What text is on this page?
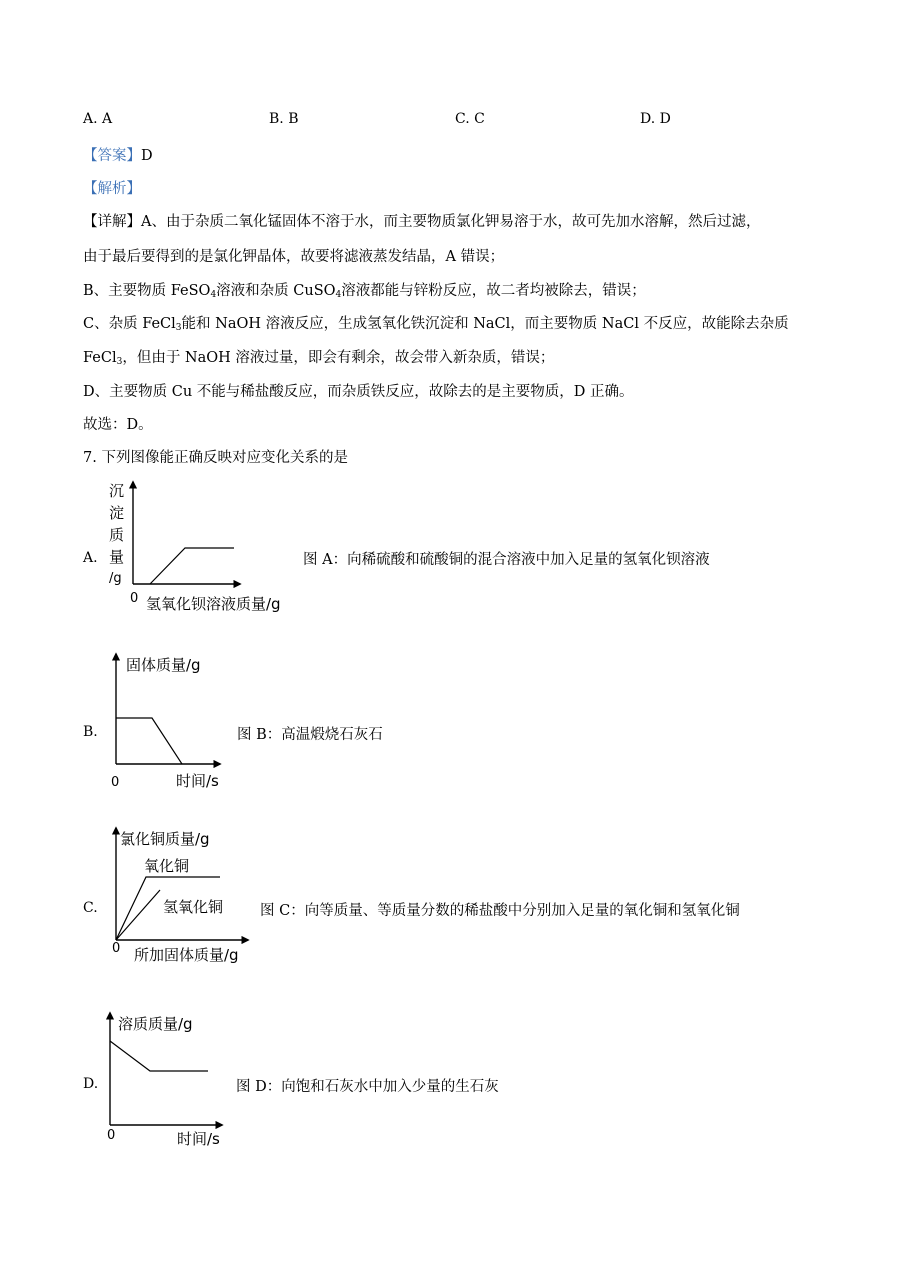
A. A	B. B	C. C	D. D
【答案】D
【解析】
【详解】A、由于杂质二氧化锰固体不溶于水，而主要物质氯化钾易溶于水，故可先加水溶解，然后过滤，
由于最后要得到的是氯化钾晶体，故要将滤液蒸发结晶，A 错误；
B、主要物质 FeSO$_4$溶液和杂质 CuSO$_4$溶液都能与锌粉反应，故二者均被除去，错误；
C、杂质 FeCl$_3$能和 NaOH 溶液反应，生成氢氧化铁沉淀和 NaCl，而主要物质 NaCl 不反应，故能除去杂质
FeCl$_3$，但由于 NaOH 溶液过量，即会有剩余，故会带入新杂质，错误；
D、主要物质 Cu 不能与稀盐酸反应，而杂质铁反应，故除去的是主要物质，D 正确。
故选：D。
7. 下列图像能正确反映对应变化关系的是
A.
沉
淀
质
量
/g
0 氢氧化钡溶液质量/g
图 A：向稀硫酸和硫酸铜的混合溶液中加入足量的氢氧化钡溶液
B.
固体质量/g
0	时间/s
图 B：高温煅烧石灰石
C.
氯化铜质量/g
氧化铜
氢氧化铜
0 所加固体质量/g
图 C：向等质量、等质量分数的稀盐酸中分别加入足量的氧化铜和氢氧化铜
D.
溶质质量/g
0	时间/s
图 D：向饱和石灰水中加入少量的生石灰
